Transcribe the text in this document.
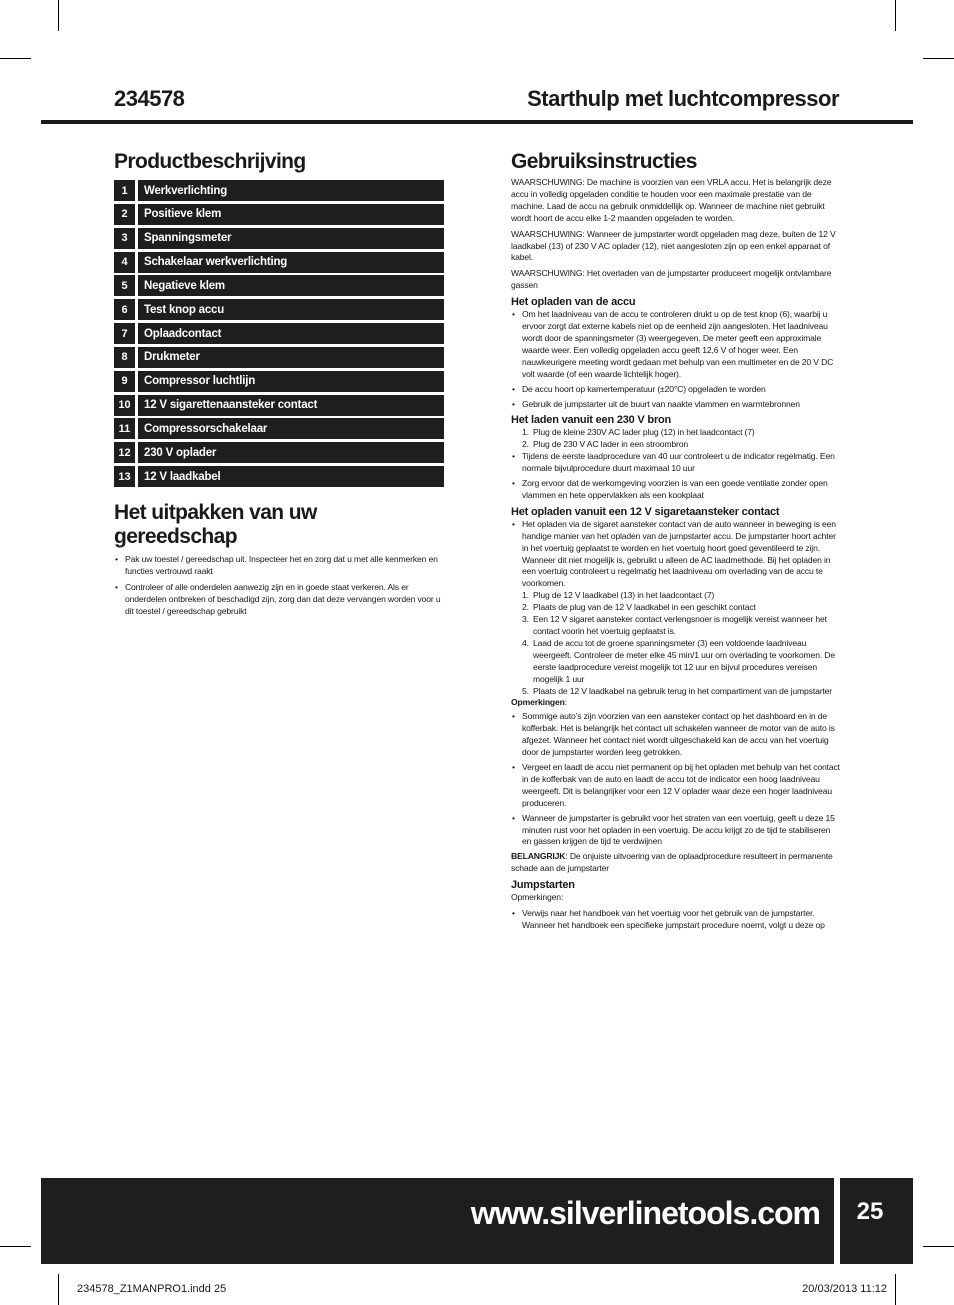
234578	Starthulp met luchtcompressor
Productbeschrijving
1	Werkverlichting
2	Positieve klem
3	Spanningsmeter
4	Schakelaar werkverlichting
5	Negatieve klem
6	Test knop accu
7	Oplaadcontact
8	Drukmeter
9	Compressor luchtlijn
10	12 V sigarettenaansteker contact
11	Compressorschakelaar
12	230 V oplader
13	12 V laadkabel
Het uitpakken van uw gereedschap
• Pak uw toestel / gereedschap uit. Inspecteer het en zorg dat u met alle kenmerken en functies vertrouwd raakt
• Controleer of alle onderdelen aanwezig zijn en in goede staat verkeren. Als er onderdelen ontbreken of beschadigd zijn, zorg dan dat deze vervangen worden voor u dit toestel / gereedschap gebruikt
Gebruiksinstructies

WAARSCHUWING: De machine is voorzien van een VRLA accu. Het is belangrijk deze accu in volledig opgeladen conditie te houden voor een maximale prestatie van de machine. Laad de accu na gebruik onmiddellijk op. Wanneer de machine niet gebruikt wordt hoort de accu elke 1-2 maanden opgeladen te worden.

WAARSCHUWING: Wanneer de jumpstarter wordt opgeladen mag deze, buiten de 12 V laadkabel (13) of 230 V AC oplader (12), niet aangesloten zijn op een enkel apparaat of kabel.

WAARSCHUWING: Het overladen van de jumpstarter produceert mogelijk ontvlambare gassen

Het opladen van de accu
• Om het laadniveau van de accu te controleren drukt u op de test knop (6), waarbij u ervoor zorgt dat externe kabels niet op de eenheid zijn aangesloten. Het laadniveau wordt door de spanningsmeter (3) weergegeven. De meter geeft een approximale waarde weer. Een volledig opgeladen accu geeft 12,6 V of hoger weer. Een nauwkeurigere meeting wordt gedaan met behulp van een multimeter en de 20 V DC volt waarde (of een waarde lichtelijk hoger).
• De accu hoort op kamertemperatuur (±20°C) opgeladen te worden
• Gebruik de jumpstarter uit de buurt van naakte vlammen en warmtebronnen
Het laden vanuit een 230 V bron
1. Plug de kleine 230V AC lader plug (12) in het laadcontact (7)
2. Plug de 230 V AC lader in een stroombron
• Tijdens de eerste laadprocedure van 40 uur controleert u de indicator regelmatig. Een normale bijvulprocedure duurt maximaal 10 uur
• Zorg ervoor dat de werkomgeving voorzien is van een goede ventilatie zonder open vlammen en hete oppervlakken als een kookplaat
Het opladen vanuit een 12 V sigaretaansteker contact
• Het opladen via de sigaret aansteker contact van de auto wanneer in beweging is een handige manier van het opladen van de jumpstarter accu. De jumpstarter hoort achter in het voertuig geplaatst te worden en het voertuig hoort goed geventileerd te zijn. Wanneer dit niet mogelijk is, gebruikt u alleen de AC laadmethode. Bij het opladen in een voertuig controleert u regelmatig het laadniveau om overlading van de accu te voorkomen.
1. Plug de 12 V laadkabel (13) in het laadcontact (7)
2. Plaats de plug van de 12 V laadkabel in een geschikt contact
3. Een 12 V sigaret aansteker contact verlengsnoer is mogelijk vereist wanneer het contact voorin het voertuig geplaatst is.
4. Laad de accu tot de groene spanningsmeter (3) een voldoende laadniveau weergeeft. Controleer de meter elke 45 min/1 uur om overlading te voorkomen. De eerste laadprocedure vereist mogelijk tot 12 uur en bijvul procedures vereisen mogelijk 1 uur
5. Plaats de 12 V laadkabel na gebruik terug in het compartiment van de jumpstarter

Opmerkingen:

• Sommige auto’s zijn voorzien van een aansteker contact op het dashboard en in de kofferbak. Het is belangrijk het contact uit schakelen wanneer de motor van de auto is afgezet. Wanneer het contact niet wordt uitgeschakeld kan de accu van het voertuig door de jumpstarter worden leeg getrokken.
• Vergeet en laadt de accu niet permanent op bij het opladen met behulp van het contact in de kofferbak van de auto en laadt de accu tot de indicator een hoog laadniveau weergeeft. Dit is belangrijker voor een 12 V oplader waar deze een hoger laadniveau produceren.
• Wanneer de jumpstarter is gebruikt voor het straten van een voertuig, geeft u deze 15 minuten rust voor het opladen in een voertuig. De accu krijgt zo de tijd te stabiliseren en gassen krijgen de tijd te verdwijnen

BELANGRIJK: De onjuiste uitvoering van de oplaadprocedure resulteert in permanente schade aan de jumpstarter

Jumpstarten

Opmerkingen:

• Verwijs naar het handboek van het voertuig voor het gebruik van de jumpstarter. Wanneer het handboek een specifieke jumpstart procedure noemt, volgt u deze op
www.silverlinetools.com	25
234578_Z1MANPRO1.indd 25	20/03/2013 11:12
